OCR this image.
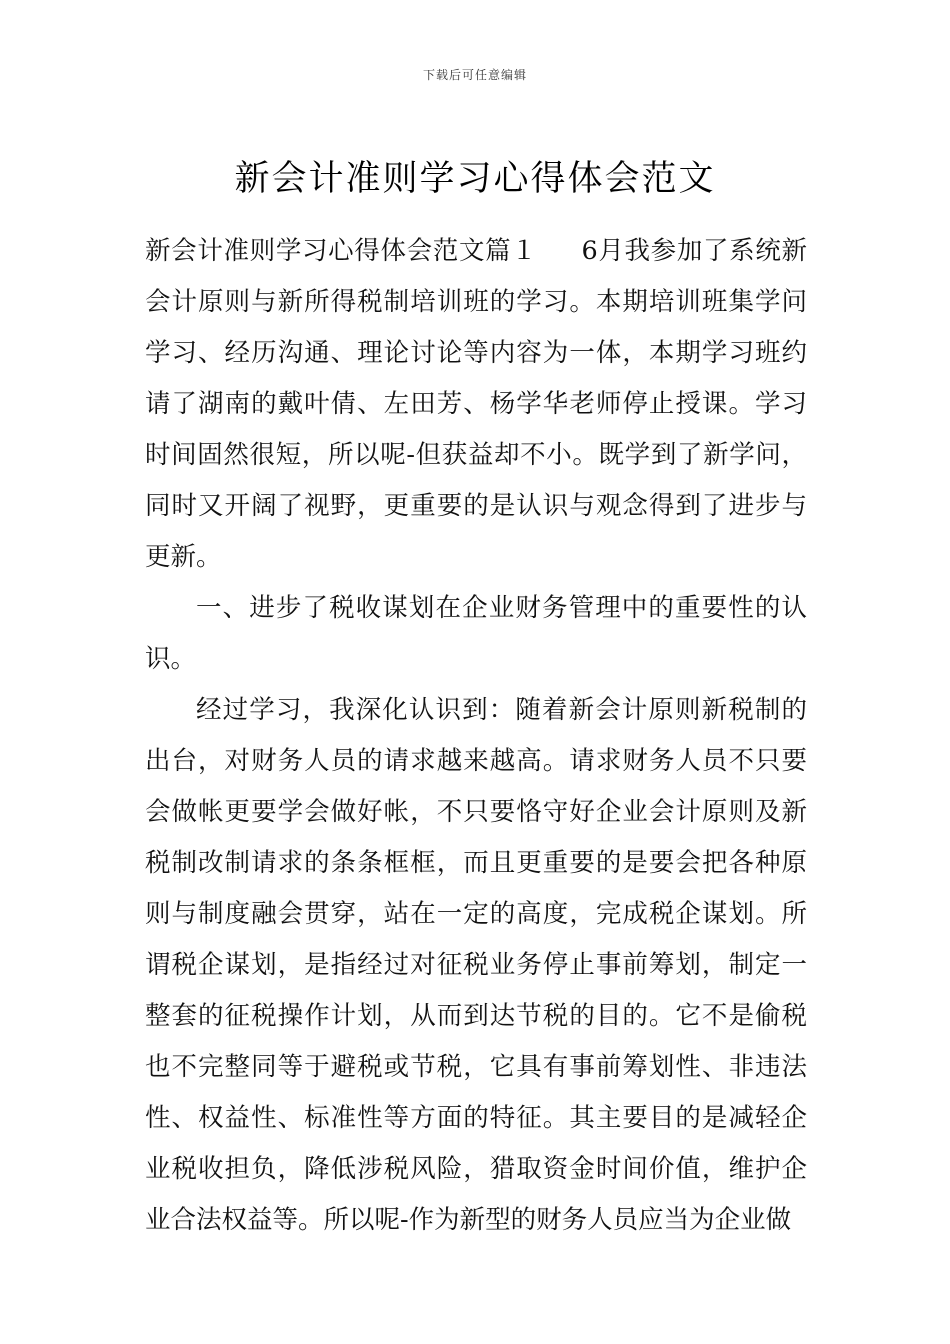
下载后可任意编辑
新会计准则学习心得体会范文

新会计准则学习心得体会范文篇１ 6月我参加了系统新会计原则与新所得税制培训班的学习。本期培训班集学问学习、经历沟通、理论讨论等内容为一体，本期学习班约请了湖南的戴叶倩、左田芳、杨学华老师停止授课。学习时间固然很短，所以呢-但获益却不小。既学到了新学问，同时又开阔了视野，更重要的是认识与观念得到了进步与更新。

一、进步了税收谋划在企业财务管理中的重要性的认识。

经过学习，我深化认识到：随着新会计原则新税制的出台，对财务人员的请求越来越高。请求财务人员不只要会做帐更要学会做好帐，不只要恪守好企业会计原则及新税制改制请求的条条框框，而且更重要的是要会把各种原则与制度融会贯穿，站在一定的高度，完成税企谋划。所谓税企谋划，是指经过对征税业务停止事前筹划，制定一整套的征税操作计划，从而到达节税的目的。它不是偷税也不完整同等于避税或节税，它具有事前筹划性、非违法性、权益性、标准性等方面的特征。其主要目的是减轻企业税收担负，降低涉税风险，猎取资金时间价值，维护企业合法权益等。所以呢-作为新型的财务人员应当为企业做
